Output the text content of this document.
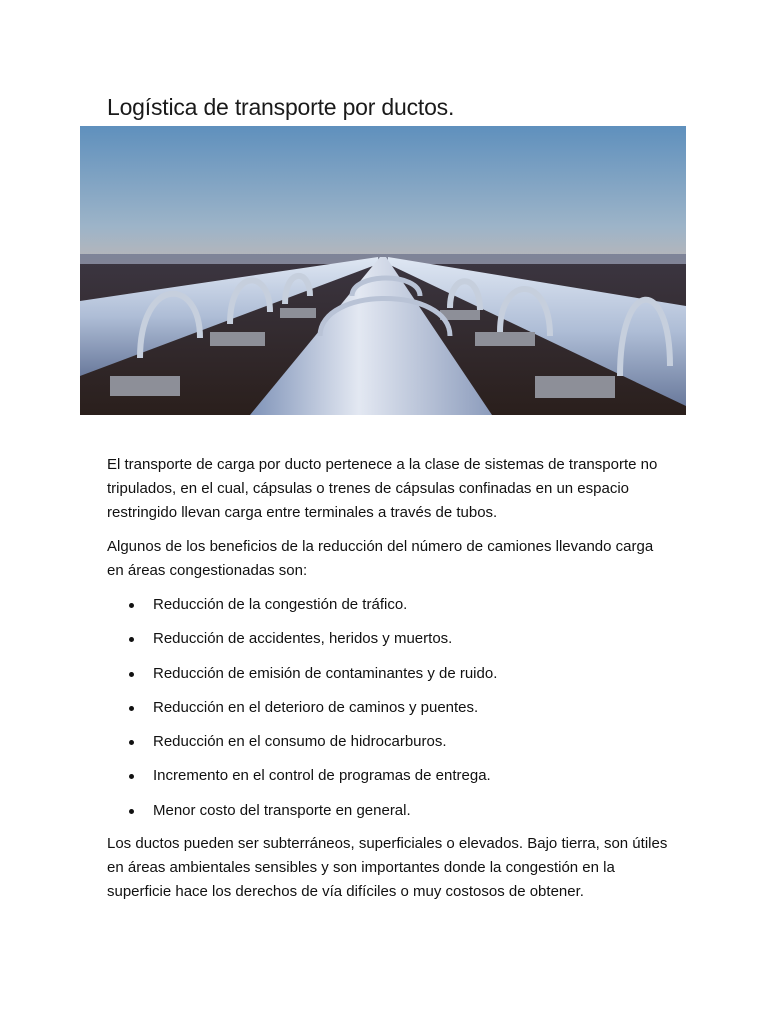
Logística de transporte por ductos.

El transporte de carga por ducto pertenece a la clase de sistemas de transporte no tripulados, en el cual, cápsulas o trenes de cápsulas confinadas en un espacio restringido llevan carga entre terminales a través de tubos.

Algunos de los beneficios de la reducción del número de camiones llevando carga en áreas congestionadas son:

Reducción de la congestión de tráfico.
Reducción de accidentes, heridos y muertos.
Reducción de emisión de contaminantes y de ruido.
Reducción en el deterioro de caminos y puentes.
Reducción en el consumo de hidrocarburos.
Incremento en el control de programas de entrega.
Menor costo del transporte en general.

Los ductos pueden ser subterráneos, superficiales o elevados. Bajo tierra, son útiles en áreas ambientales sensibles y son importantes donde la congestión en la superficie hace los derechos de vía difíciles o muy costosos de obtener.
